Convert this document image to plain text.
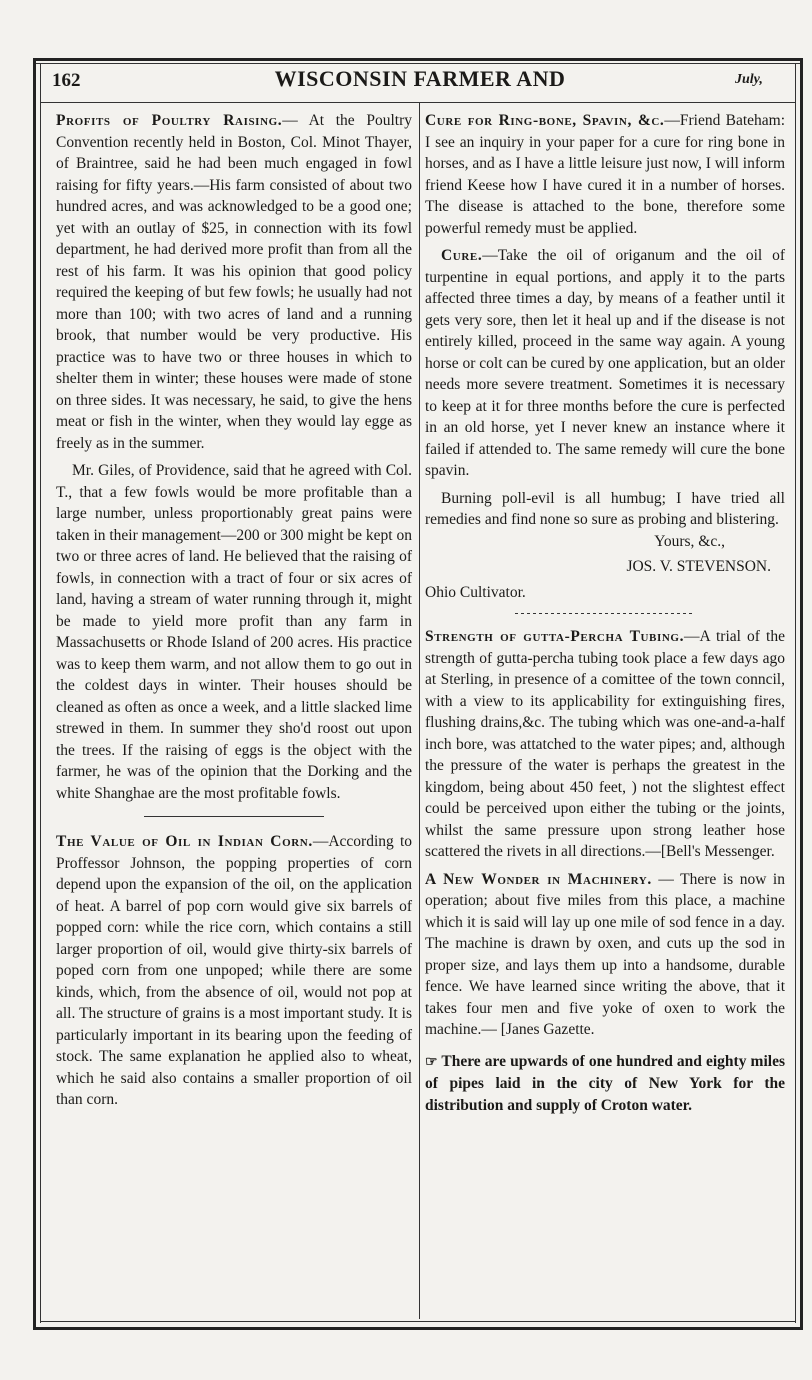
162	WISCONSIN FARMER AND	July,

Profits of Poultry Raising.— At the Poultry Convention recently held in Boston, Col. Minot Thayer, of Braintree, said he had been much engaged in fowl raising for fifty years.—His farm consisted of about two hundred acres, and was acknowledged to be a good one; yet with an outlay of $25, in connection with its fowl department, he had derived more profit than from all the rest of his farm. It was his opinion that good policy required the keeping of but few fowls; he usually had not more than 100; with two acres of land and a running brook, that number would be very productive. His practice was to have two or three houses in which to shelter them in winter; these houses were made of stone on three sides. It was necessary, he said, to give the hens meat or fish in the winter, when they would lay egge as freely as in the summer.

Mr. Giles, of Providence, said that he agreed with Col. T., that a few fowls would be more profitable than a large number, unless proportionably great pains were taken in their management—200 or 300 might be kept on two or three acres of land. He believed that the raising of fowls, in connection with a tract of four or six acres of land, having a stream of water running through it, might be made to yield more profit than any farm in Massachusetts or Rhode Island of 200 acres. His practice was to keep them warm, and not allow them to go out in the coldest days in winter. Their houses should be cleaned as often as once a week, and a little slacked lime strewed in them. In summer they sho'd roost out upon the trees. If the raising of eggs is the object with the farmer, he was of the opinion that the Dorking and the white Shanghae are the most profitable fowls.

The Value of Oil in Indian Corn.—According to Proffessor Johnson, the popping properties of corn depend upon the expansion of the oil, on the application of heat. A barrel of pop corn would give six barrels of popped corn: while the rice corn, which contains a still larger proportion of oil, would give thirty-six barrels of poped corn from one unpoped; while there are some kinds, which, from the absence of oil, would not pop at all. The structure of grains is a most important study. It is particularly important in its bearing upon the feeding of stock. The same explanation he applied also to wheat, which he said also contains a smaller proportion of oil than corn.

Cure for Ring-bone, Spavin, &c.—Friend Bateham: I see an inquiry in your paper for a cure for ring bone in horses, and as I have a little leisure just now, I will inform friend Keese how I have cured it in a number of horses. The disease is attached to the bone, therefore some powerful remedy must be applied.

Cure.—Take the oil of origanum and the oil of turpentine in equal portions, and apply it to the parts affected three times a day, by means of a feather until it gets very sore, then let it heal up and if the disease is not entirely killed, proceed in the same way again. A young horse or colt can be cured by one application, but an older needs more severe treatment. Sometimes it is necessary to keep at it for three months before the cure is perfected in an old horse, yet I never knew an instance where it failed if attended to. The same remedy will cure the bone spavin.

Burning poll-evil is all humbug; I have tried all remedies and find none so sure as probing and blistering.

Yours, &c.,
JOS. V. STEVENSON.
Ohio Cultivator.

Strength of gutta-Percha Tubing.—A trial of the strength of gutta-percha tubing took place a few days ago at Sterling, in presence of a comittee of the town conncil, with a view to its applicability for extinguishing fires, flushing drains,&c. The tubing which was one-and-a-half inch bore, was attatched to the water pipes; and, although the pressure of the water is perhaps the greatest in the kingdom, being about 450 feet, ) not the slightest effect could be perceived upon either the tubing or the joints, whilst the same pressure upon strong leather hose scattered the rivets in all directions.—[Bell's Messenger.

A New Wonder in Machinery. — There is now in operation; about five miles from this place, a machine which it is said will lay up one mile of sod fence in a day. The machine is drawn by oxen, and cuts up the sod in proper size, and lays them up into a handsome, durable fence. We have learned since writing the above, that it takes four men and five yoke of oxen to work the machine.— [Janes Gazette.

☞ There are upwards of one hundred and eighty miles of pipes laid in the city of New York for the distribution and supply of Croton water.
